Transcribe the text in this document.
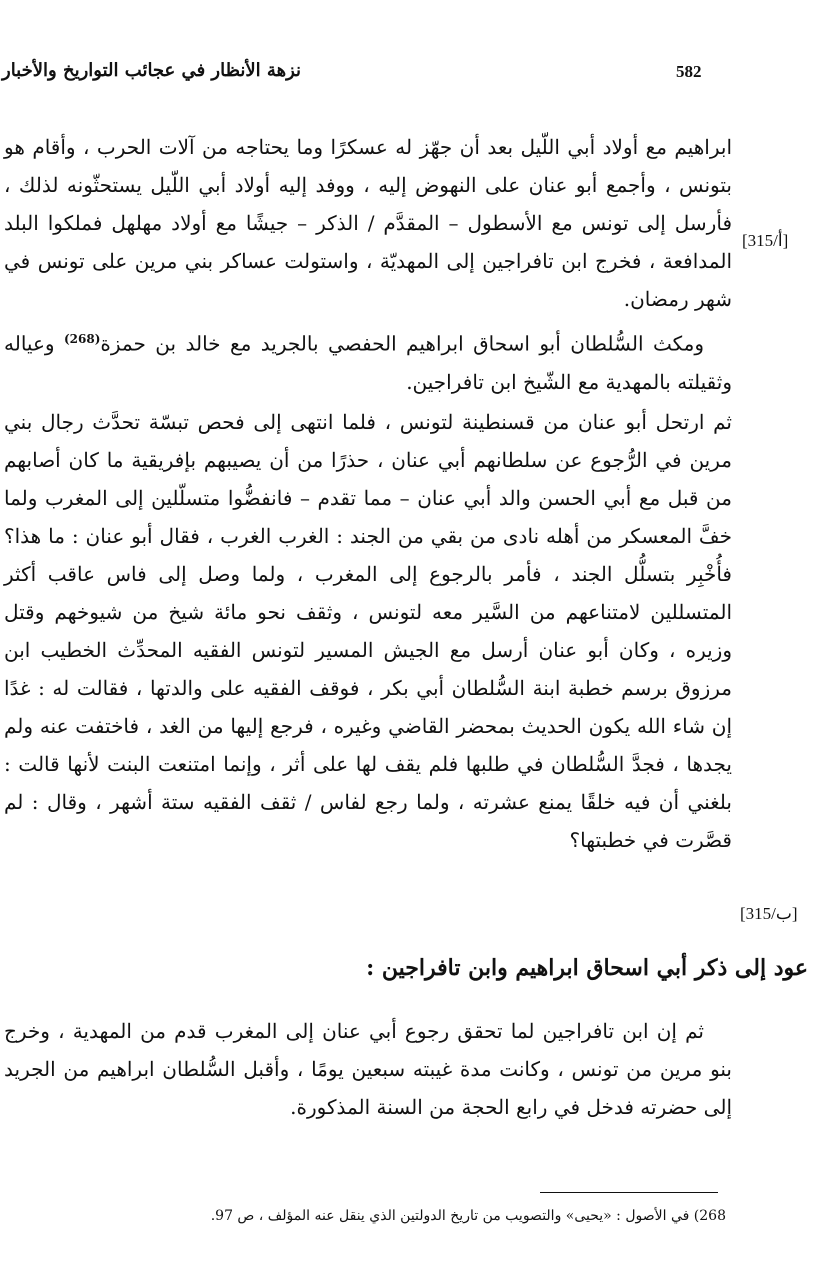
582
نزهة الأنظار في عجائب التواريخ والأخبار
[315/أ]
[315/ب]

ابراهيم مع أولاد أبي اللّيل بعد أن جهّز له عسكرًا وما يحتاجه من آلات الحرب ، وأقام هو بتونس ، وأجمع أبو عنان على النهوض إليه ، ووفد إليه أولاد أبي اللّيل يستحثّونه لذلك ، فأرسل إلى تونس مع الأسطول – المقدَّم / الذكر – جيشًا مع أولاد مهلهل فملكوا البلد المدافعة ، فخرج ابن تافراجين إلى المهديّة ، واستولت عساكر بني مرين على تونس في شهر رمضان.

ومكث السُّلطان أبو اسحاق ابراهيم الحفصي بالجريد مع خالد بن حمزة$^{(268)}$ وعياله وثقيلته بالمهدية مع الشّيخ ابن تافراجين.

ثم ارتحل أبو عنان من قسنطينة لتونس ، فلما انتهى إلى فحص تبسّة تحدَّث رجال بني مرين في الرُّجوع عن سلطانهم أبي عنان ، حذرًا من أن يصيبهم بإفريقية ما كان أصابهم من قبل مع أبي الحسن والد أبي عنان – مما تقدم – فانفضُّوا متسلّلين إلى المغرب ولما خفَّ المعسكر من أهله نادى من بقي من الجند : الغرب الغرب ، فقال أبو عنان : ما هذا؟ فأُخْبِر بتسلُّل الجند ، فأمر بالرجوع إلى المغرب ، ولما وصل إلى فاس عاقب أكثر المتسللين لامتناعهم من السَّير معه لتونس ، وثقف نحو مائة شيخ من شيوخهم وقتل وزيره ، وكان أبو عنان أرسل مع الجيش المسير لتونس الفقيه المحدِّث الخطيب ابن مرزوق برسم خطبة ابنة السُّلطان أبي بكر ، فوقف الفقيه على والدتها ، فقالت له : غدًا إن شاء الله يكون الحديث بمحضر القاضي وغيره ، فرجع إليها من الغد ، فاختفت عنه ولم يجدها ، فجدَّ السُّلطان في طلبها فلم يقف لها على أثر ، وإنما امتنعت البنت لأنها قالت : بلغني أن فيه خلقًا يمنع عشرته ، ولما رجع لفاس / ثقف الفقيه ستة أشهر ، وقال : لم قصَّرت في خطبتها؟

عود إلى ذكر أبي اسحاق ابراهيم وابن تافراجين :

ثم إن ابن تافراجين لما تحقق رجوع أبي عنان إلى المغرب قدم من المهدية ، وخرج بنو مرين من تونس ، وكانت مدة غيبته سبعين يومًا ، وأقبل السُّلطان ابراهيم من الجريد إلى حضرته فدخل في رابع الحجة من السنة المذكورة.

268) في الأصول : «يحيى» والتصويب من تاريخ الدولتين الذي ينقل عنه المؤلف ، ص 97.
